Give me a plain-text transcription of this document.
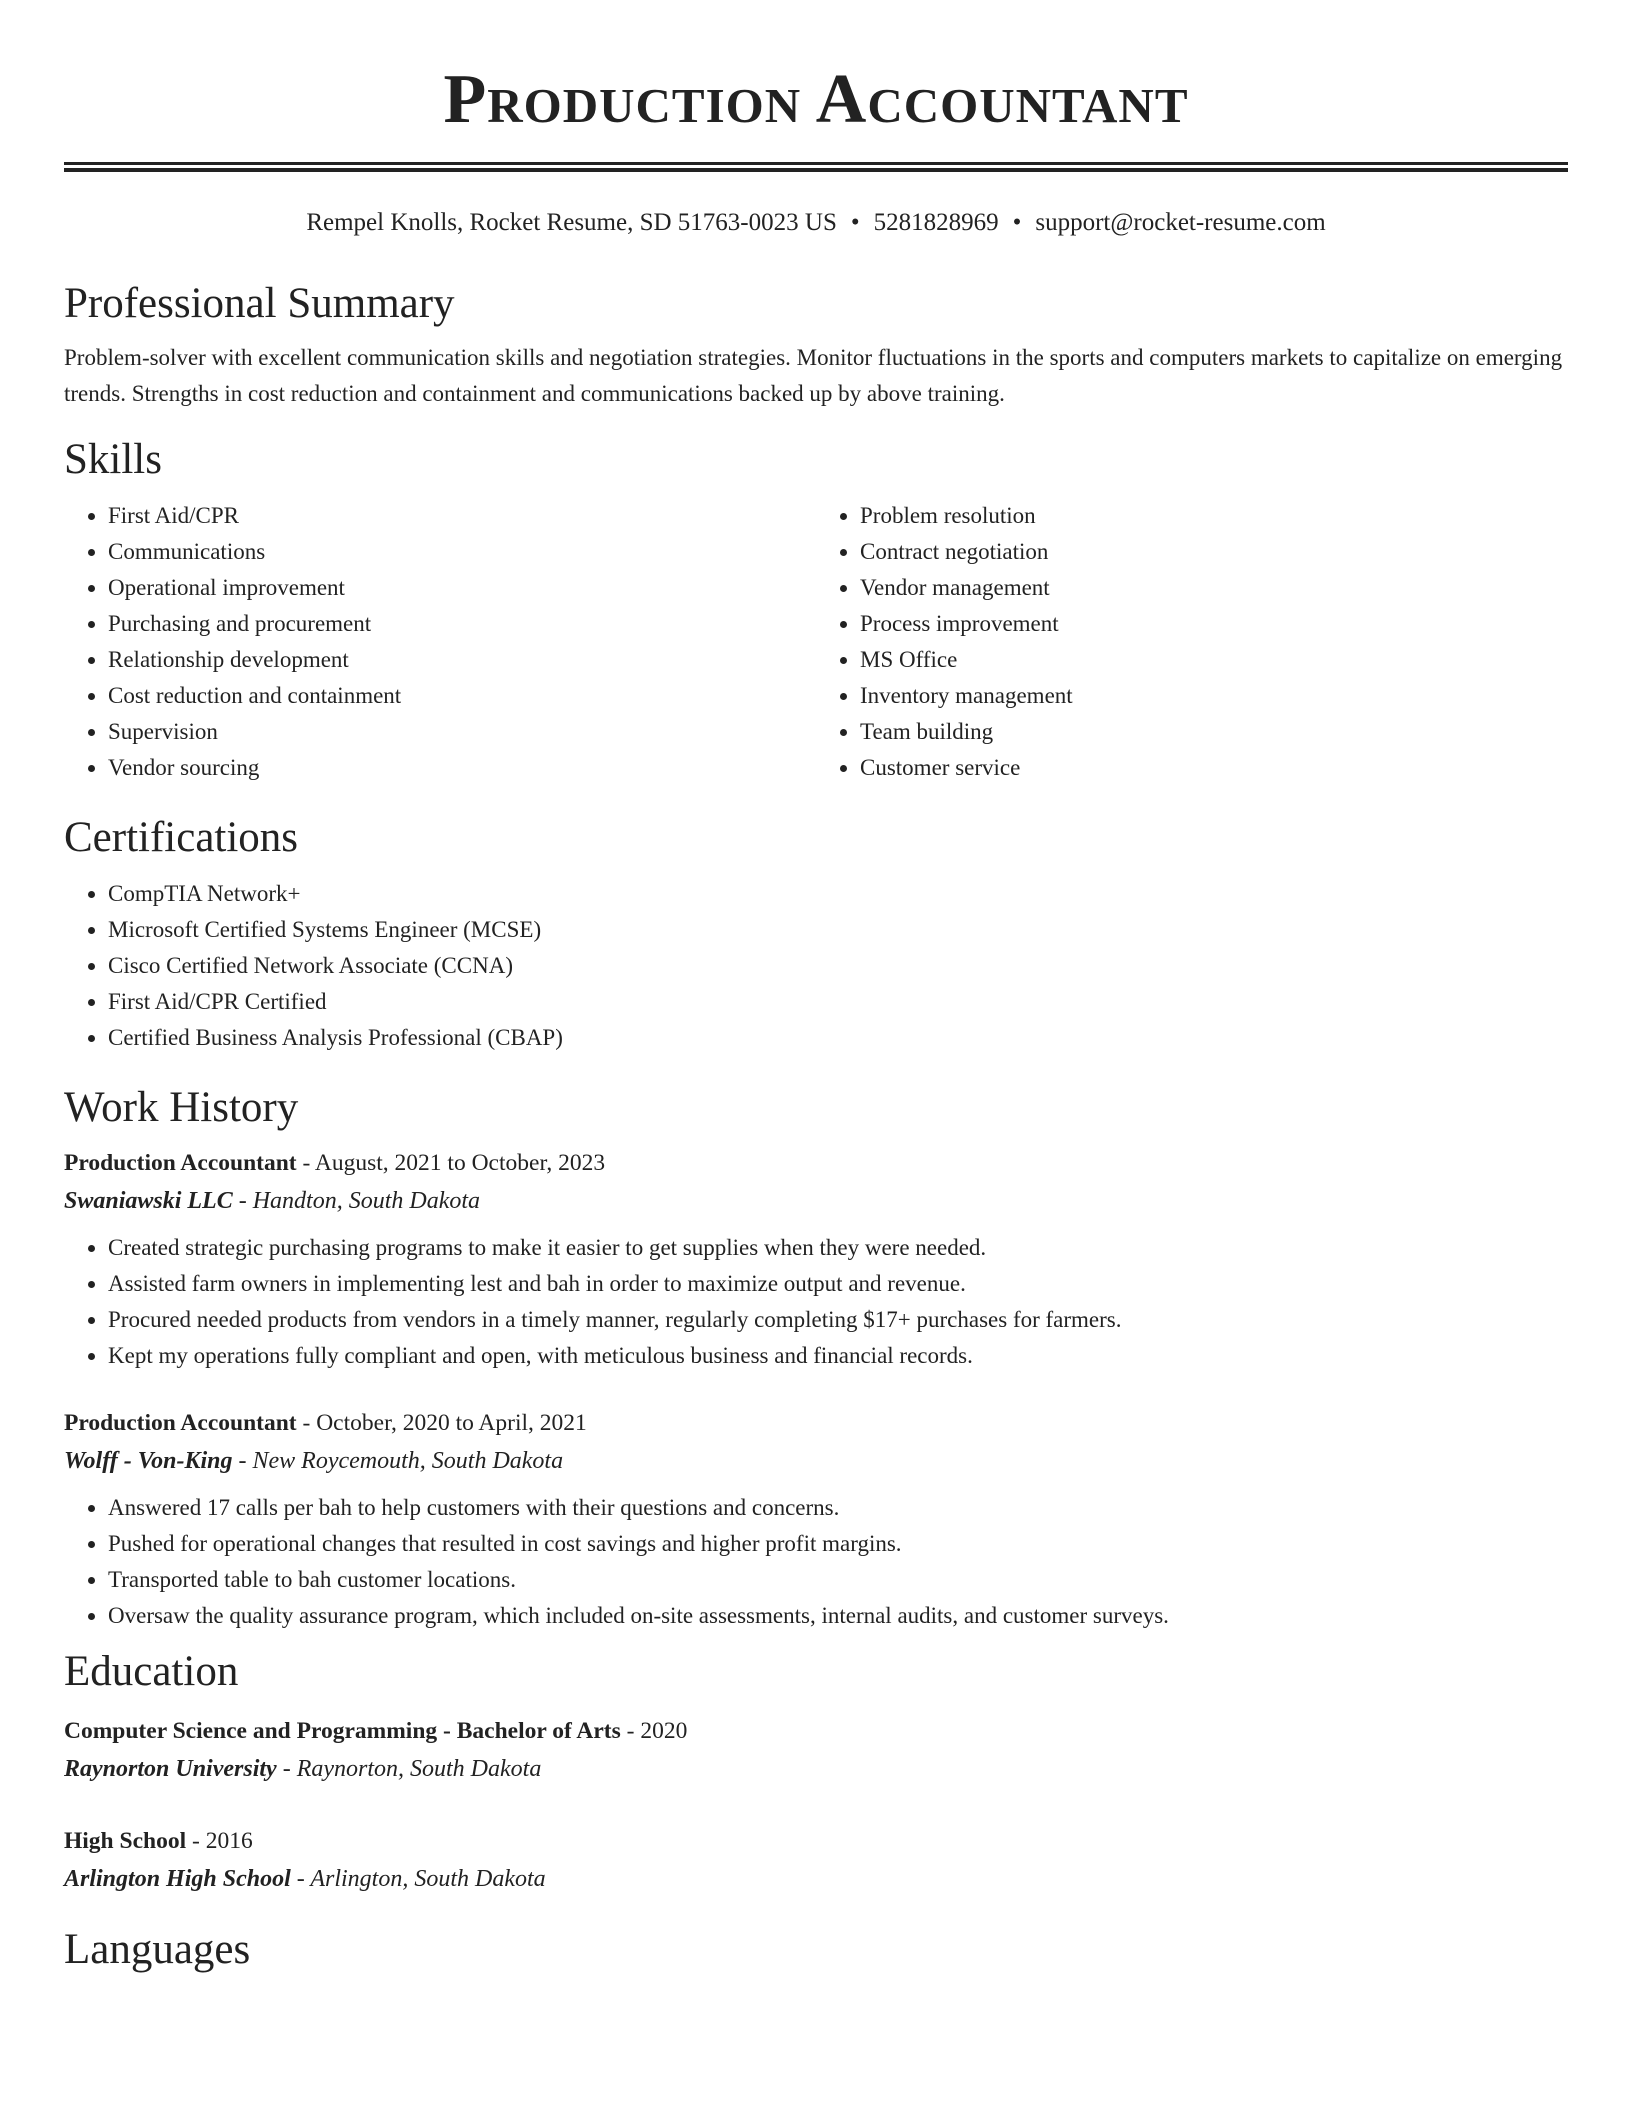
Production Accountant
Rempel Knolls, Rocket Resume, SD 51763-0023 US • 5281828969 • support@rocket-resume.com
Professional Summary
Problem-solver with excellent communication skills and negotiation strategies. Monitor fluctuations in the sports and computers markets to capitalize on emerging trends. Strengths in cost reduction and containment and communications backed up by above training.
Skills
• First Aid/CPR
• Communications
• Operational improvement
• Purchasing and procurement
• Relationship development
• Cost reduction and containment
• Supervision
• Vendor sourcing
• Problem resolution
• Contract negotiation
• Vendor management
• Process improvement
• MS Office
• Inventory management
• Team building
• Customer service
Certifications
• CompTIA Network+
• Microsoft Certified Systems Engineer (MCSE)
• Cisco Certified Network Associate (CCNA)
• First Aid/CPR Certified
• Certified Business Analysis Professional (CBAP)
Work History
Production Accountant - August, 2021 to October, 2023
Swaniawski LLC - Handton, South Dakota
• Created strategic purchasing programs to make it easier to get supplies when they were needed.
• Assisted farm owners in implementing lest and bah in order to maximize output and revenue.
• Procured needed products from vendors in a timely manner, regularly completing $17+ purchases for farmers.
• Kept my operations fully compliant and open, with meticulous business and financial records.
Production Accountant - October, 2020 to April, 2021
Wolff - Von-King - New Roycemouth, South Dakota
• Answered 17 calls per bah to help customers with their questions and concerns.
• Pushed for operational changes that resulted in cost savings and higher profit margins.
• Transported table to bah customer locations.
• Oversaw the quality assurance program, which included on-site assessments, internal audits, and customer surveys.
Education
Computer Science and Programming - Bachelor of Arts - 2020
Raynorton University - Raynorton, South Dakota
High School - 2016
Arlington High School - Arlington, South Dakota
Languages
